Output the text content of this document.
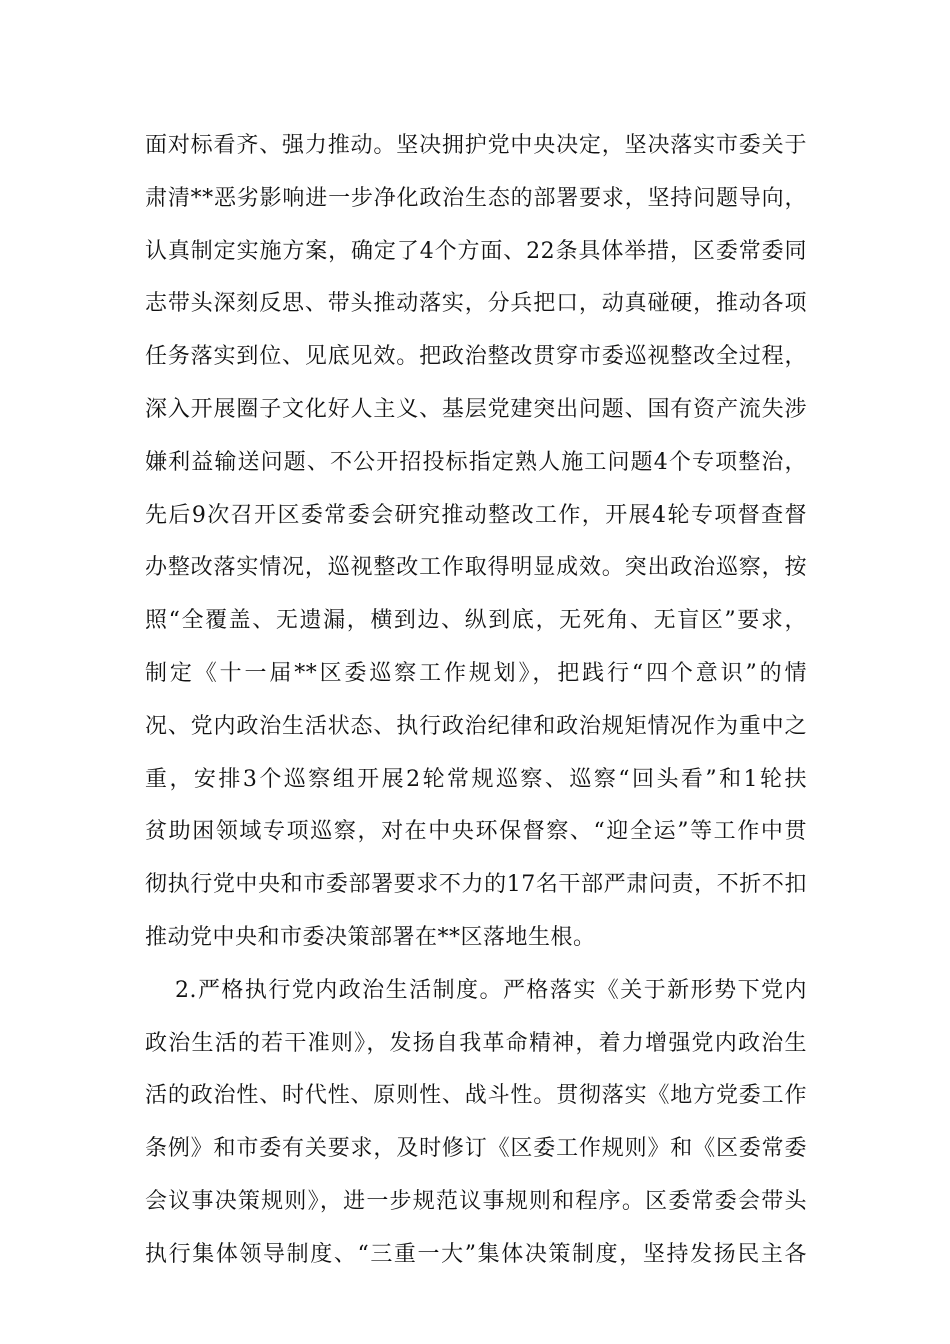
面对标看齐、强力推动。坚决拥护党中央决定，坚决落实市委关于
肃清**恶劣影响进一步净化政治生态的部署要求，坚持问题导向，
认真制定实施方案，确定了4个方面、22条具体举措，区委常委同
志带头深刻反思、带头推动落实，分兵把口，动真碰硬，推动各项
任务落实到位、见底见效。把政治整改贯穿市委巡视整改全过程，
深入开展圈子文化好人主义、基层党建突出问题、国有资产流失涉
嫌利益输送问题、不公开招投标指定熟人施工问题4个专项整治，
先后9次召开区委常委会研究推动整改工作，开展4轮专项督查督
办整改落实情况，巡视整改工作取得明显成效。突出政治巡察，按
照“全覆盖、无遗漏，横到边、纵到底，无死角、无盲区”要求，
制定《十一届**区委巡察工作规划》，把践行“四个意识”的情
况、党内政治生活状态、执行政治纪律和政治规矩情况作为重中之
重，安排3个巡察组开展2轮常规巡察、巡察“回头看”和1轮扶
贫助困领域专项巡察，对在中央环保督察、“迎全运”等工作中贯
彻执行党中央和市委部署要求不力的17名干部严肃问责，不折不扣
推动党中央和市委决策部署在**区落地生根。
2.严格执行党内政治生活制度。严格落实《关于新形势下党内
政治生活的若干准则》，发扬自我革命精神，着力增强党内政治生
活的政治性、时代性、原则性、战斗性。贯彻落实《地方党委工作
条例》和市委有关要求，及时修订《区委工作规则》和《区委常委
会议事决策规则》，进一步规范议事规则和程序。区委常委会带头
执行集体领导制度、“三重一大”集体决策制度，坚持发扬民主各
